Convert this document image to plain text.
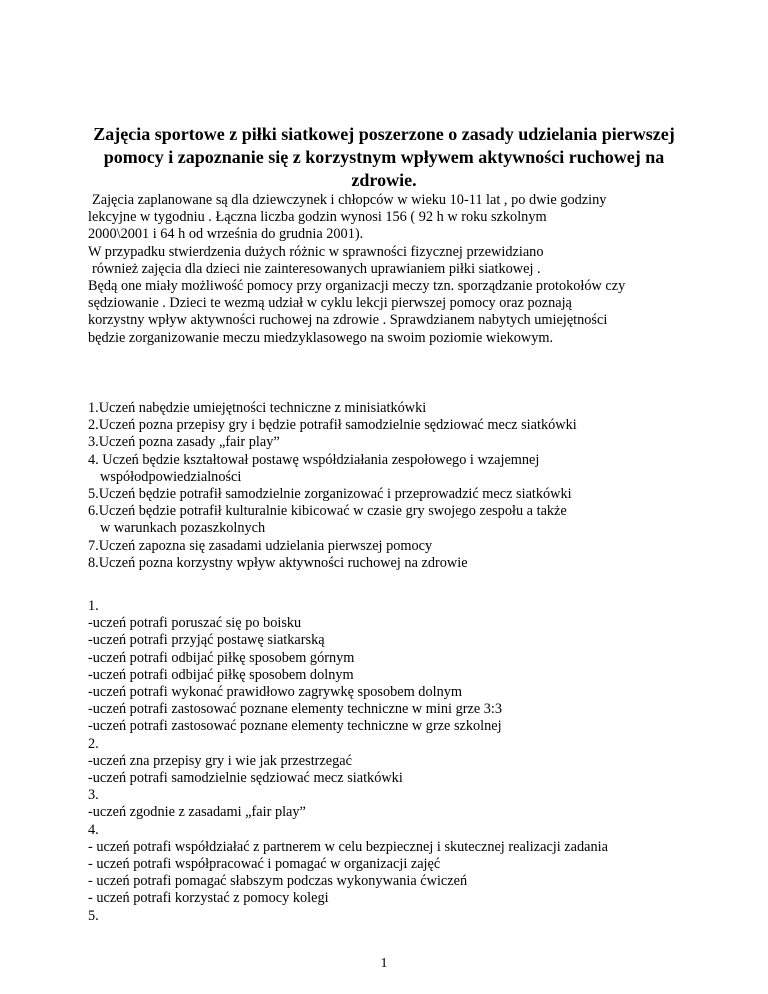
Zajęcia sportowe z piłki siatkowej poszerzone o zasady udzielania pierwszej
pomocy i zapoznanie się z korzystnym wpływem aktywności ruchowej na
zdrowie.
Zajęcia zaplanowane są dla dziewczynek i chłopców w wieku 10-11 lat , po dwie godziny
lekcyjne w tygodniu . Łączna liczba godzin wynosi 156 ( 92 h w roku szkolnym
2000\2001 i 64 h od września do grudnia 2001).
W przypadku stwierdzenia dużych różnic w sprawności fizycznej przewidziano
również zajęcia dla dzieci nie zainteresowanych uprawianiem piłki siatkowej .
Będą one miały możliwość pomocy przy organizacji meczy tzn. sporządzanie protokołów czy
sędziowanie . Dzieci te wezmą udział w cyklu lekcji pierwszej pomocy oraz poznają
korzystny wpływ aktywności ruchowej na zdrowie . Sprawdzianem nabytych umiejętności
będzie zorganizowanie meczu miedzyklasowego na swoim poziomie wiekowym.
1.Uczeń nabędzie umiejętności techniczne z minisiatkówki
2.Uczeń pozna przepisy gry i będzie potrafił samodzielnie sędziować mecz siatkówki
3.Uczeń pozna zasady „fair play”
4. Uczeń będzie kształtował postawę współdziałania zespołowego i wzajemnej
współodpowiedzialności
5.Uczeń będzie potrafił samodzielnie zorganizować i przeprowadzić mecz siatkówki
6.Uczeń będzie potrafił kulturalnie kibicować w czasie gry swojego zespołu a także
w warunkach pozaszkolnych
7.Uczeń zapozna się zasadami udzielania pierwszej pomocy
8.Uczeń pozna korzystny wpływ aktywności ruchowej na zdrowie
1.
-uczeń potrafi poruszać się po boisku
-uczeń potrafi przyjąć postawę siatkarską
-uczeń potrafi odbijać piłkę sposobem górnym
-uczeń potrafi odbijać piłkę sposobem dolnym
-uczeń potrafi wykonać prawidłowo zagrywkę sposobem dolnym
-uczeń potrafi zastosować poznane elementy techniczne w mini grze 3:3
-uczeń potrafi zastosować poznane elementy techniczne w grze szkolnej
2.
-uczeń zna przepisy gry i wie jak przestrzegać
-uczeń potrafi samodzielnie sędziować mecz siatkówki
3.
-uczeń zgodnie z zasadami „fair play”
4.
- uczeń potrafi współdziałać z partnerem w celu bezpiecznej i skutecznej realizacji zadania
- uczeń potrafi współpracować i pomagać w organizacji zajęć
- uczeń potrafi pomagać słabszym podczas wykonywania ćwiczeń
- uczeń potrafi korzystać z pomocy kolegi
5.
1
